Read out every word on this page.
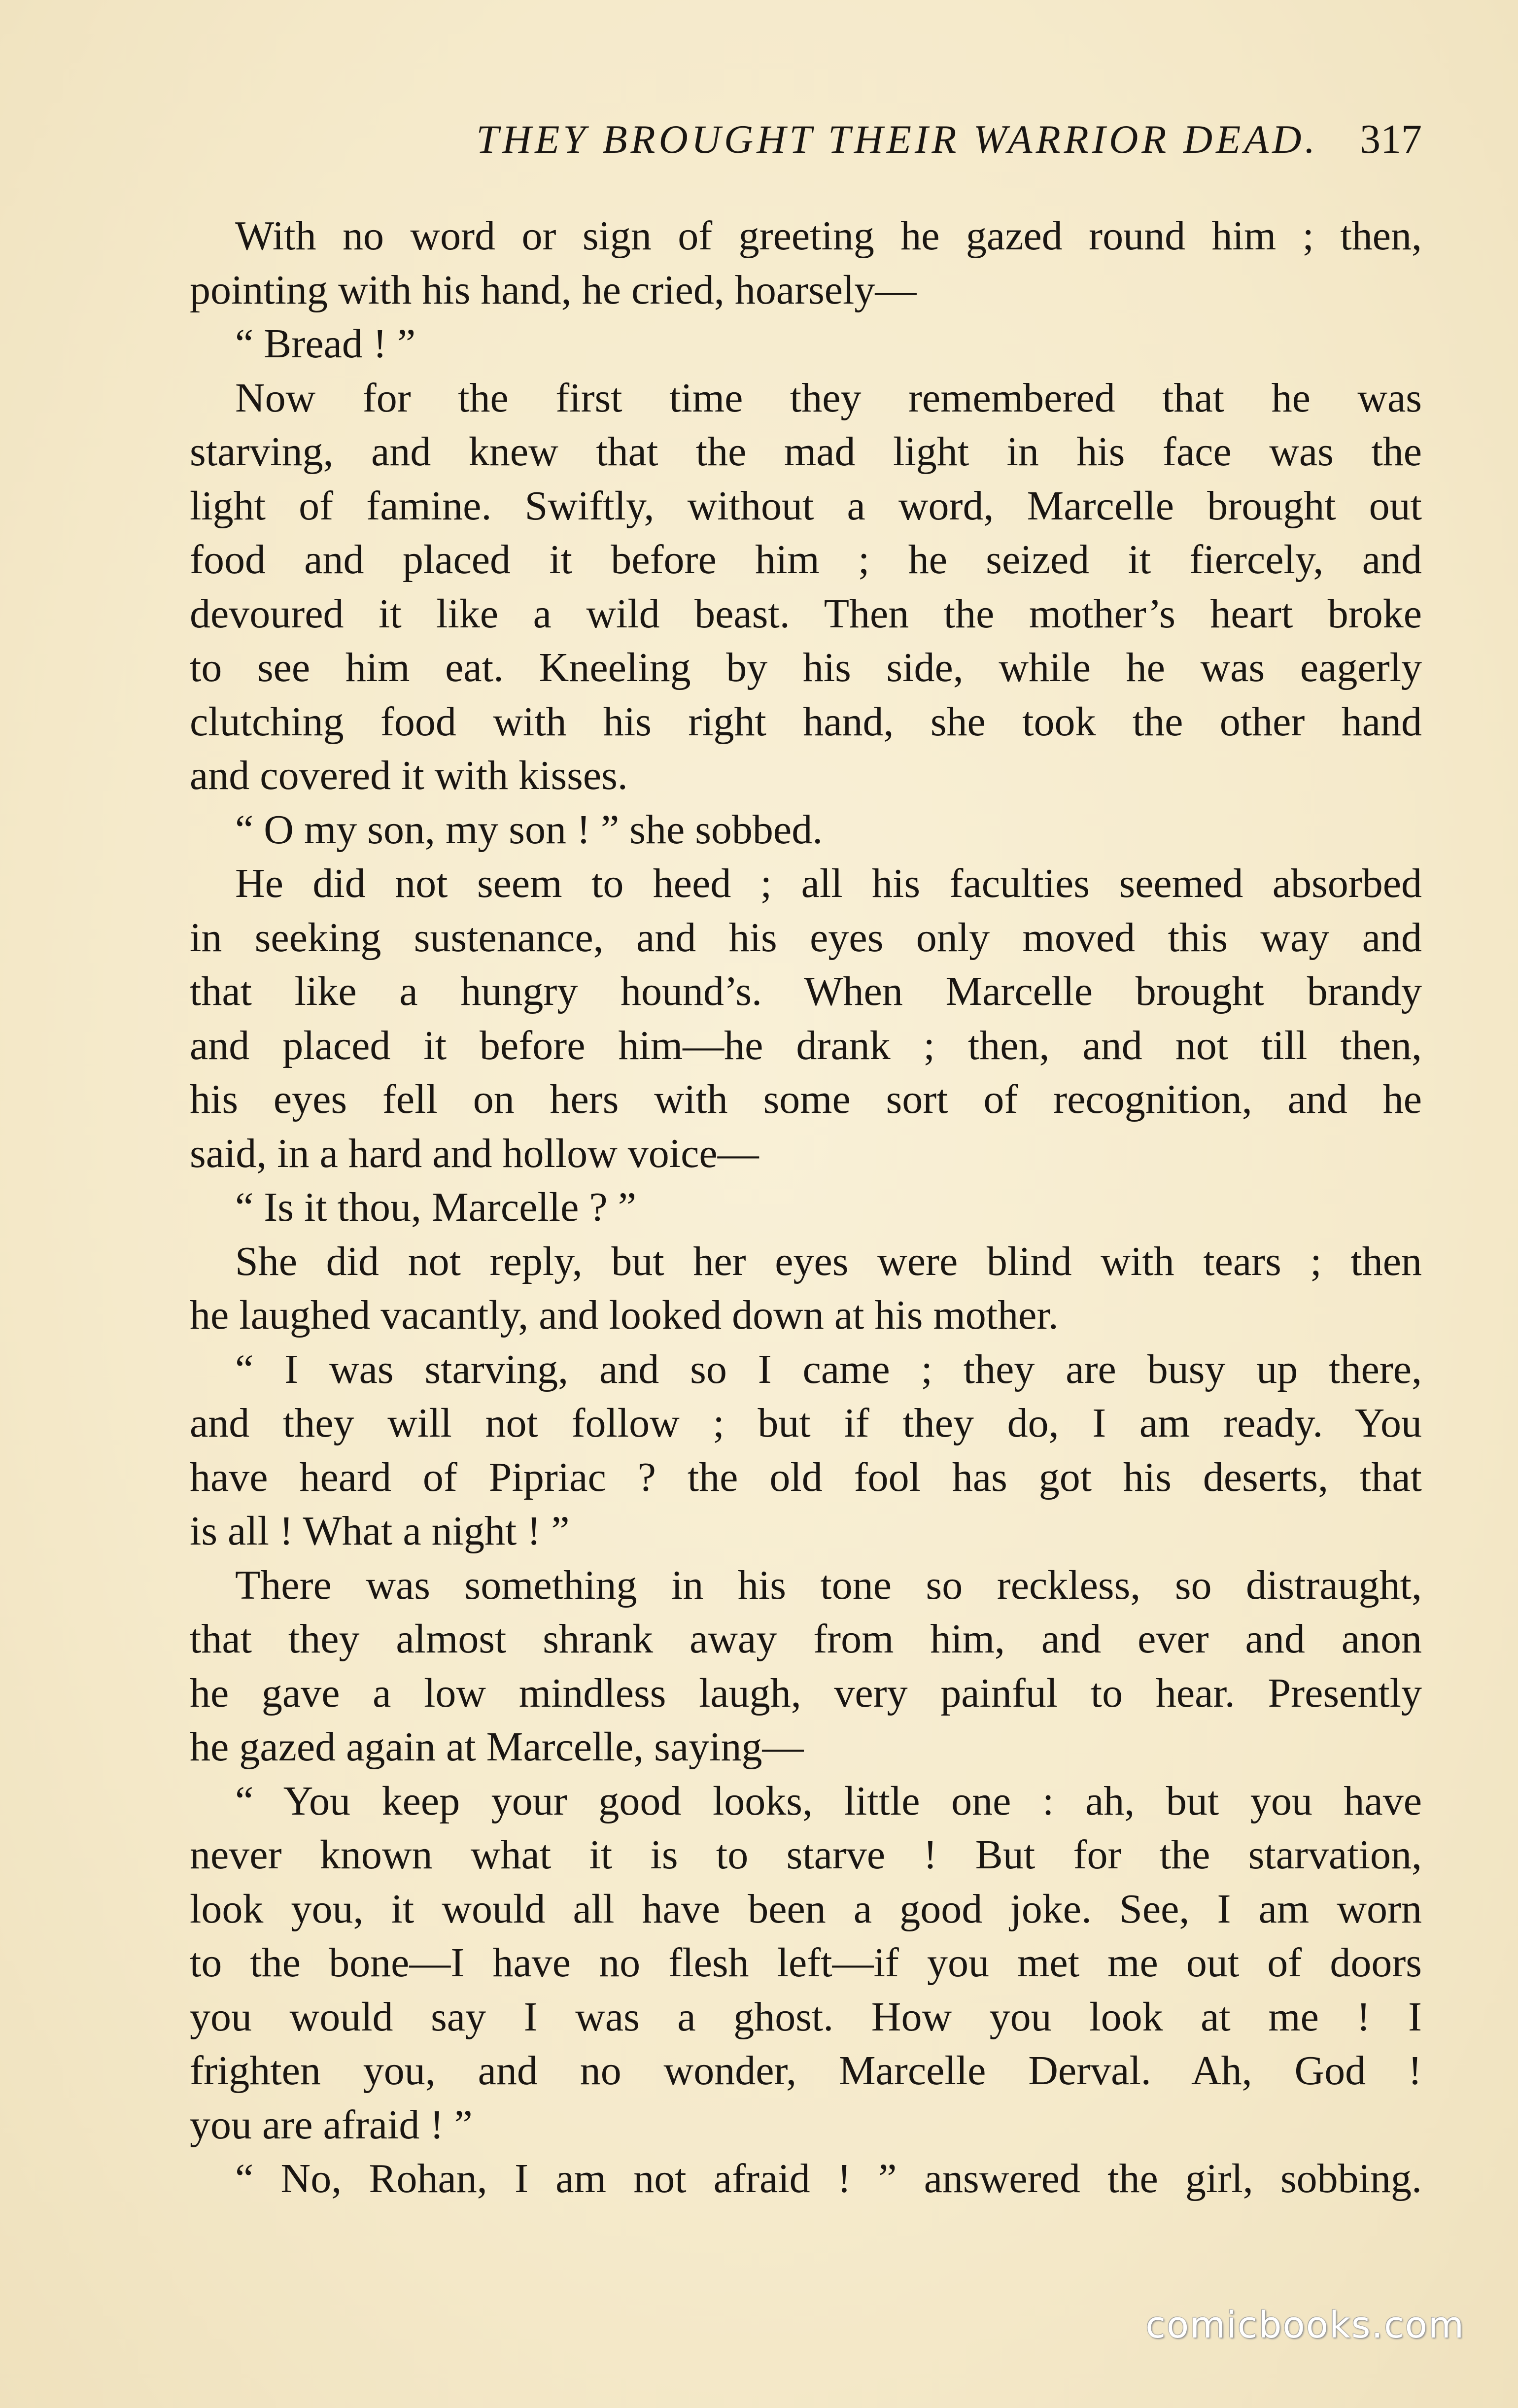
THEY BROUGHT THEIR WARRIOR DEAD. 317
With no word or sign of greeting he gazed round him ; then,
pointing with his hand, he cried, hoarsely—
“ Bread ! ”
Now for the first time they remembered that he was
starving, and knew that the mad light in his face was the
light of famine. Swiftly, without a word, Marcelle brought out
food and placed it before him ; he seized it fiercely, and
devoured it like a wild beast. Then the mother’s heart broke
to see him eat. Kneeling by his side, while he was eagerly
clutching food with his right hand, she took the other hand
and covered it with kisses.
“ O my son, my son ! ” she sobbed.
He did not seem to heed ; all his faculties seemed absorbed
in seeking sustenance, and his eyes only moved this way and
that like a hungry hound’s. When Marcelle brought brandy
and placed it before him—he drank ; then, and not till then,
his eyes fell on hers with some sort of recognition, and he
said, in a hard and hollow voice—
“ Is it thou, Marcelle ? ”
She did not reply, but her eyes were blind with tears ; then
he laughed vacantly, and looked down at his mother.
“ I was starving, and so I came ; they are busy up there,
and they will not follow ; but if they do, I am ready. You
have heard of Pipriac ? the old fool has got his deserts, that
is all ! What a night ! ”
There was something in his tone so reckless, so distraught,
that they almost shrank away from him, and ever and anon
he gave a low mindless laugh, very painful to hear. Presently
he gazed again at Marcelle, saying—
“ You keep your good looks, little one : ah, but you have
never known what it is to starve ! But for the starvation,
look you, it would all have been a good joke. See, I am worn
to the bone—I have no flesh left—if you met me out of doors
you would say I was a ghost. How you look at me ! I
frighten you, and no wonder, Marcelle Derval. Ah, God !
you are afraid ! ”
“ No, Rohan, I am not afraid ! ” answered the girl, sobbing.
comicbooks.com
